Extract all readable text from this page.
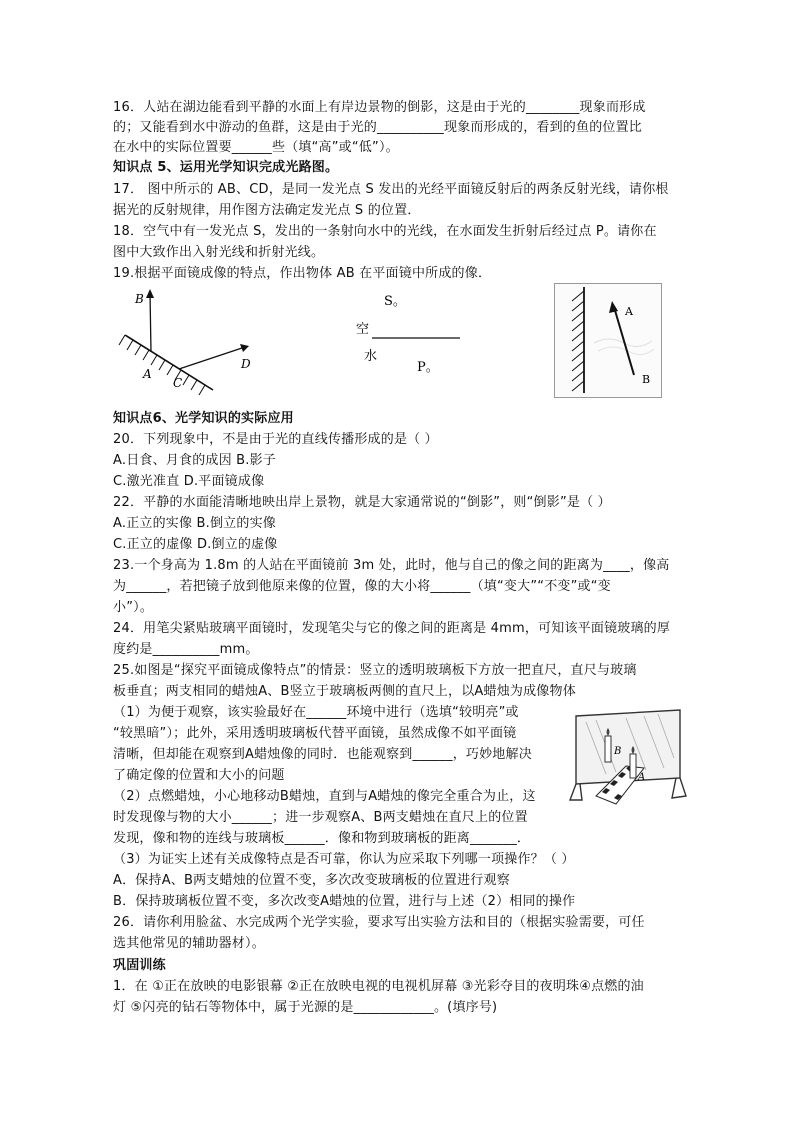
16．人站在湖边能看到平静的水面上有岸边景物的倒影，这是由于光的________现象而形成
的；又能看到水中游动的鱼群，这是由于光的__________现象而形成的，看到的鱼的位置比
在水中的实际位置要______些（填“高”或“低”）。
知识点 5、运用光学知识完成光路图。
17． 图中所示的 AB、CD，是同一发光点 S 发出的光经平面镜反射后的两条反射光线，请你根
据光的反射规律，用作图方法确定发光点 S 的位置．
18．空气中有一发光点 S，发出的一条射向水中的光线，在水面发生折射后经过点 P。请你在
图中大致作出入射光线和折射光线。
19.根据平面镜成像的特点，作出物体 AB 在平面镜中所成的像．
B
A
C
D
S。
空
水
P。
A
B
知识点6、光学知识的实际应用
20．下列现象中，不是由于光的直线传播形成的是（ ）
A.日食、月食的成因 B.影子
C.激光准直 D.平面镜成像
22．平静的水面能清晰地映出岸上景物，就是大家通常说的“倒影”，则“倒影”是（ ）
A.正立的实像 B.倒立的实像
C.正立的虚像 D.倒立的虚像
23.一个身高为 1.8m 的人站在平面镜前 3m 处，此时，他与自己的像之间的距离为____，像高
为______，若把镜子放到他原来像的位置，像的大小将______（填“变大”“不变”或“变
小”）。
24．用笔尖紧贴玻璃平面镜时，发现笔尖与它的像之间的距离是 4mm，可知该平面镜玻璃的厚
度约是__________mm。
25.如图是“探究平面镜成像特点”的情景：竖立的透明玻璃板下方放一把直尺，直尺与玻璃
板垂直；两支相同的蜡烛A、B竖立于玻璃板两侧的直尺上，以A蜡烛为成像物体
（1）为便于观察，该实验最好在______环境中进行（选填“较明亮”或
“较黑暗”）；此外，采用透明玻璃板代替平面镜，虽然成像不如平面镜
清晰，但却能在观察到A蜡烛像的同时．也能观察到______，巧妙地解决
了确定像的位置和大小的问题
（2）点燃蜡烛，小心地移动B蜡烛，直到与A蜡烛的像完全重合为止，这
时发现像与物的大小______；进一步观察A、B两支蜡烛在直尺上的位置
发现，像和物的连线与玻璃板______．像和物到玻璃板的距离_______．
（3）为证实上述有关成像特点是否可靠，你认为应采取下列哪一项操作？（ ）
A．保持A、B两支蜡烛的位置不变，多次改变玻璃板的位置进行观察
B．保持玻璃板位置不变，多次改变A蜡烛的位置，进行与上述（2）相同的操作
26．请你利用脸盆、水完成两个光学实验，要求写出实验方法和目的（根据实验需要，可任
选其他常见的辅助器材）。
巩固训练
1．在 ①正在放映的电影银幕 ②正在放映电视的电视机屏幕 ③光彩夺目的夜明珠④点燃的油
灯 ⑤闪亮的钻石等物体中，属于光源的是____________。(填序号)
B
A
